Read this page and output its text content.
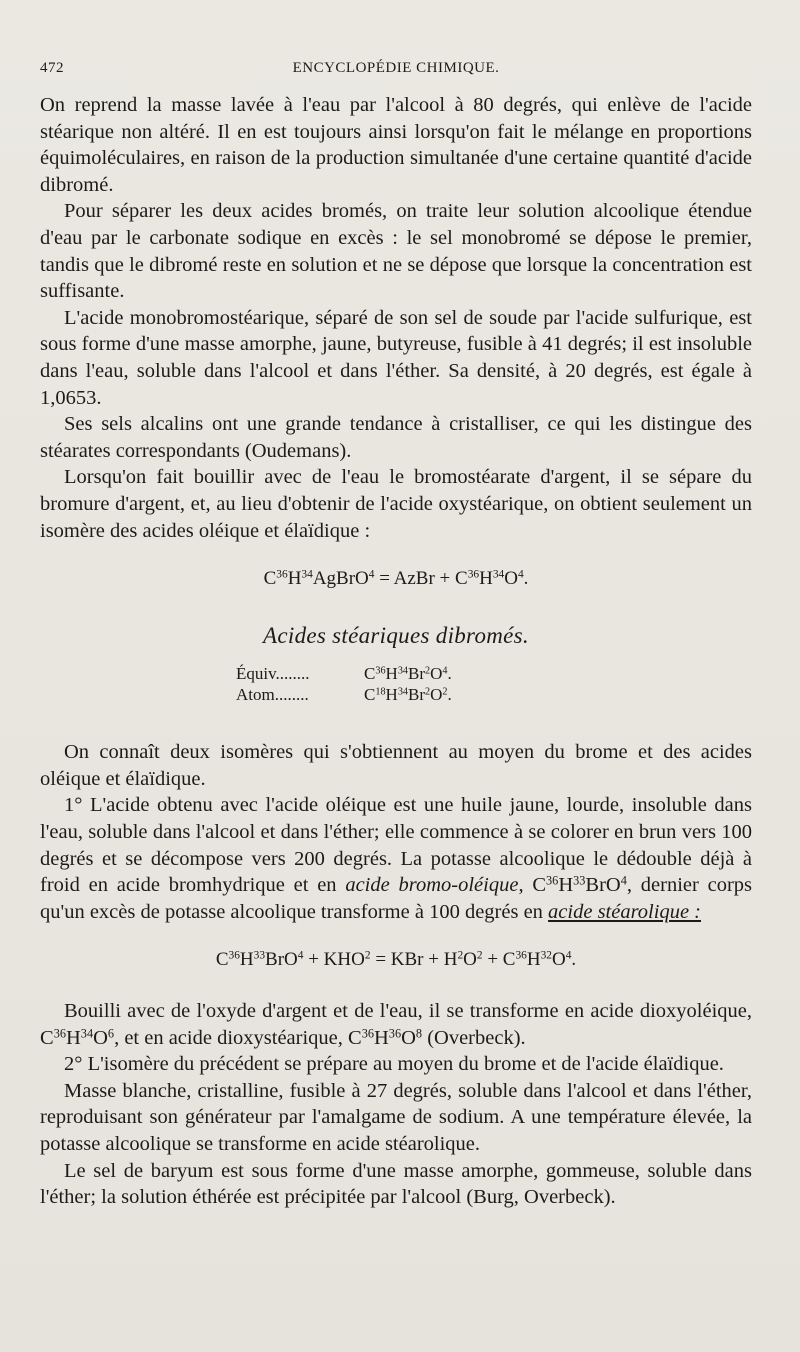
472	ENCYCLOPÉDIE CHIMIQUE.

On reprend la masse lavée à l'eau par l'alcool à 80 degrés, qui enlève de l'acide stéarique non altéré. Il en est toujours ainsi lorsqu'on fait le mélange en proportions équimoléculaires, en raison de la production simultanée d'une certaine quantité d'acide dibromé.

Pour séparer les deux acides bromés, on traite leur solution alcoolique étendue d'eau par le carbonate sodique en excès : le sel monobromé se dépose le premier, tandis que le dibromé reste en solution et ne se dépose que lorsque la concentration est suffisante.

L'acide monobromostéarique, séparé de son sel de soude par l'acide sulfurique, est sous forme d'une masse amorphe, jaune, butyreuse, fusible à 41 degrés; il est insoluble dans l'eau, soluble dans l'alcool et dans l'éther. Sa densité, à 20 degrés, est égale à 1,0653.

Ses sels alcalins ont une grande tendance à cristalliser, ce qui les distingue des stéarates correspondants (Oudemans).

Lorsqu'on fait bouillir avec de l'eau le bromostéarate d'argent, il se sépare du bromure d'argent, et, au lieu d'obtenir de l'acide oxystéarique, on obtient seulement un isomère des acides oléique et élaïdique :

$C^{36}H^{34}AgBrO^4$ = AzBr + $C^{36}H^{34}O^4$.
Acides stéariques dibromés.
Équiv........	$C^{36}H^{34}Br^2O^4$.
Atom........	$C^{18}H^{34}Br^2O^2$.

On connaît deux isomères qui s'obtiennent au moyen du brome et des acides oléique et élaïdique.

1° L'acide obtenu avec l'acide oléique est une huile jaune, lourde, insoluble dans l'eau, soluble dans l'alcool et dans l'éther; elle commence à se colorer en brun vers 100 degrés et se décompose vers 200 degrés. La potasse alcoolique le dédouble déjà à froid en acide bromhydrique et en acide bromo-oléique, $C^{36}H^{33}BrO^4$, dernier corps qu'un excès de potasse alcoolique transforme à 100 degrés en acide stéarolique :

$C^{36}H^{33}BrO^4 + KHO^2$ = KBr + $H^2O^2 + C^{36}H^{32}O^4$.

Bouilli avec de l'oxyde d'argent et de l'eau, il se transforme en acide dioxyoléique, $C^{36}H^{34}O^6$, et en acide dioxystéarique, $C^{36}H^{36}O^8$ (Overbeck).

2° L'isomère du précédent se prépare au moyen du brome et de l'acide élaïdique.

Masse blanche, cristalline, fusible à 27 degrés, soluble dans l'alcool et dans l'éther, reproduisant son générateur par l'amalgame de sodium. A une température élevée, la potasse alcoolique se transforme en acide stéarolique.

Le sel de baryum est sous forme d'une masse amorphe, gommeuse, soluble dans l'éther; la solution éthérée est précipitée par l'alcool (Burg, Overbeck).
